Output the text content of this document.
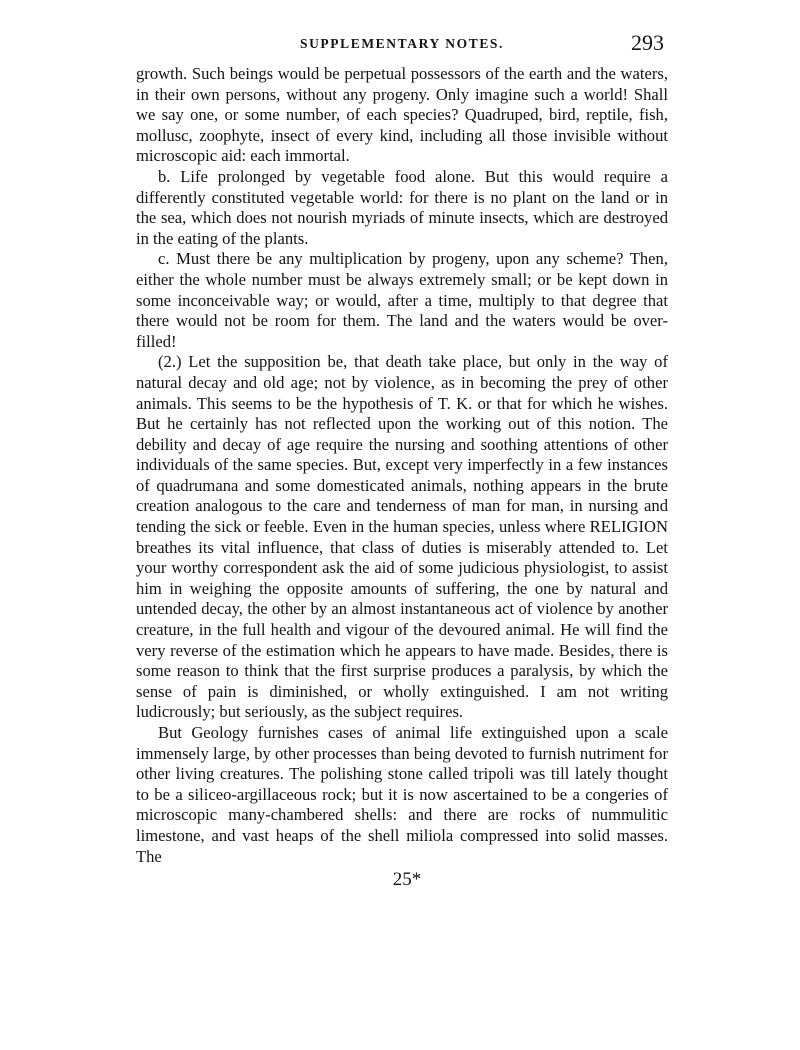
SUPPLEMENTARY NOTES.	293

growth. Such beings would be perpetual possessors of the earth and the waters, in their own persons, without any progeny. Only imagine such a world! Shall we say one, or some number, of each species? Quadruped, bird, reptile, fish, mollusc, zoophyte, insect of every kind, including all those invisible without microscopic aid: each immortal.

b. Life prolonged by vegetable food alone. But this would require a differently constituted vegetable world: for there is no plant on the land or in the sea, which does not nourish myriads of minute insects, which are destroyed in the eating of the plants.

c. Must there be any multiplication by progeny, upon any scheme? Then, either the whole number must be always extremely small; or be kept down in some inconceivable way; or would, after a time, multiply to that degree that there would not be room for them. The land and the waters would be over-filled!

(2.) Let the supposition be, that death take place, but only in the way of natural decay and old age; not by violence, as in becoming the prey of other animals. This seems to be the hypothesis of T. K. or that for which he wishes. But he certainly has not reflected upon the working out of this notion. The debility and decay of age require the nursing and soothing attentions of other individuals of the same species. But, except very imperfectly in a few instances of quadrumana and some domesticated animals, nothing appears in the brute creation analogous to the care and tenderness of man for man, in nursing and tending the sick or feeble. Even in the human species, unless where RELIGION breathes its vital influence, that class of duties is miserably attended to. Let your worthy correspondent ask the aid of some judicious physiologist, to assist him in weighing the opposite amounts of suffering, the one by natural and untended decay, the other by an almost instantaneous act of violence by another creature, in the full health and vigour of the devoured animal. He will find the very reverse of the estimation which he appears to have made. Besides, there is some reason to think that the first surprise produces a paralysis, by which the sense of pain is diminished, or wholly extinguished. I am not writing ludicrously; but seriously, as the subject requires.

But Geology furnishes cases of animal life extinguished upon a scale immensely large, by other processes than being devoted to furnish nutriment for other living creatures. The polishing stone called tripoli was till lately thought to be a siliceo-argillaceous rock; but it is now ascertained to be a congeries of microscopic many-chambered shells: and there are rocks of nummulitic limestone, and vast heaps of the shell miliola compressed into solid masses. The

25*
